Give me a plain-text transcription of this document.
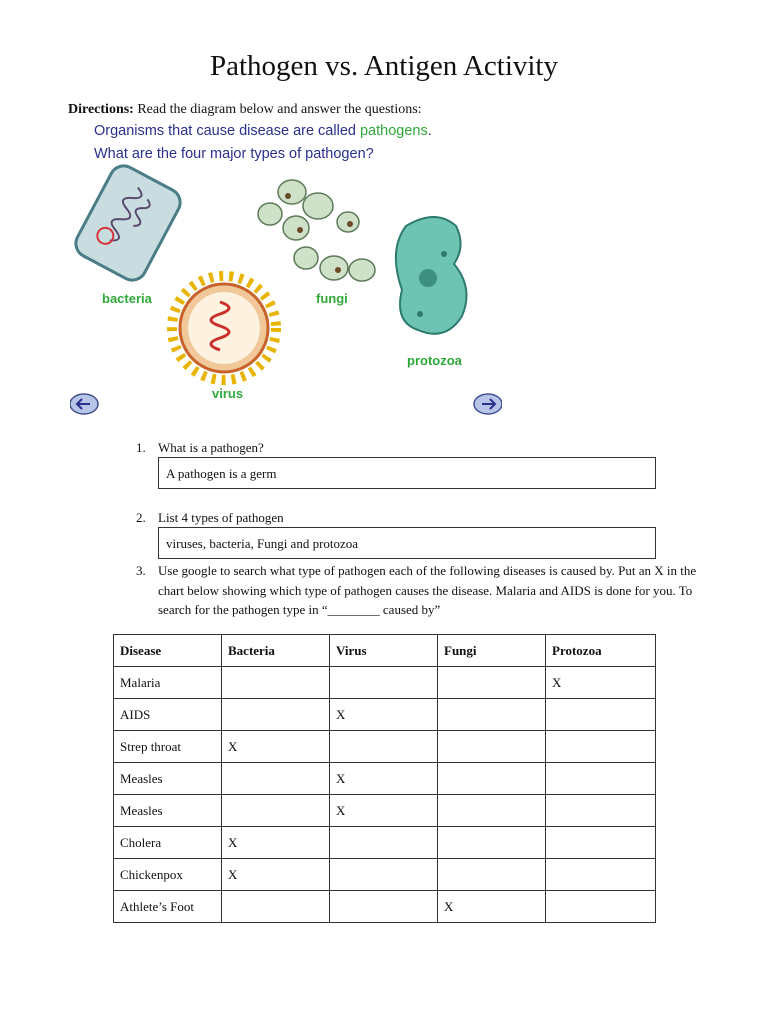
Pathogen vs. Antigen Activity
Directions: Read the diagram below and answer the questions:
Organisms that cause disease are called pathogens.
What are the four major types of pathogen?
bacteria
virus
fungi
protozoa
1. What is a pathogen?
A pathogen is a germ
2. List 4 types of pathogen
viruses, bacteria, Fungi and protozoa
3. Use google to search what type of pathogen each of the following diseases is caused by. Put an X in the chart below showing which type of pathogen causes the disease. Malaria and AIDS is done for you. To search for the pathogen type in “________ caused by”
Disease	Bacteria	Virus	Fungi	Protozoa
Malaria				X
AIDS		X		
Strep throat	X			
Measles		X		
Measles		X		
Cholera	X			
Chickenpox	X			
Athlete’s Foot			X	
